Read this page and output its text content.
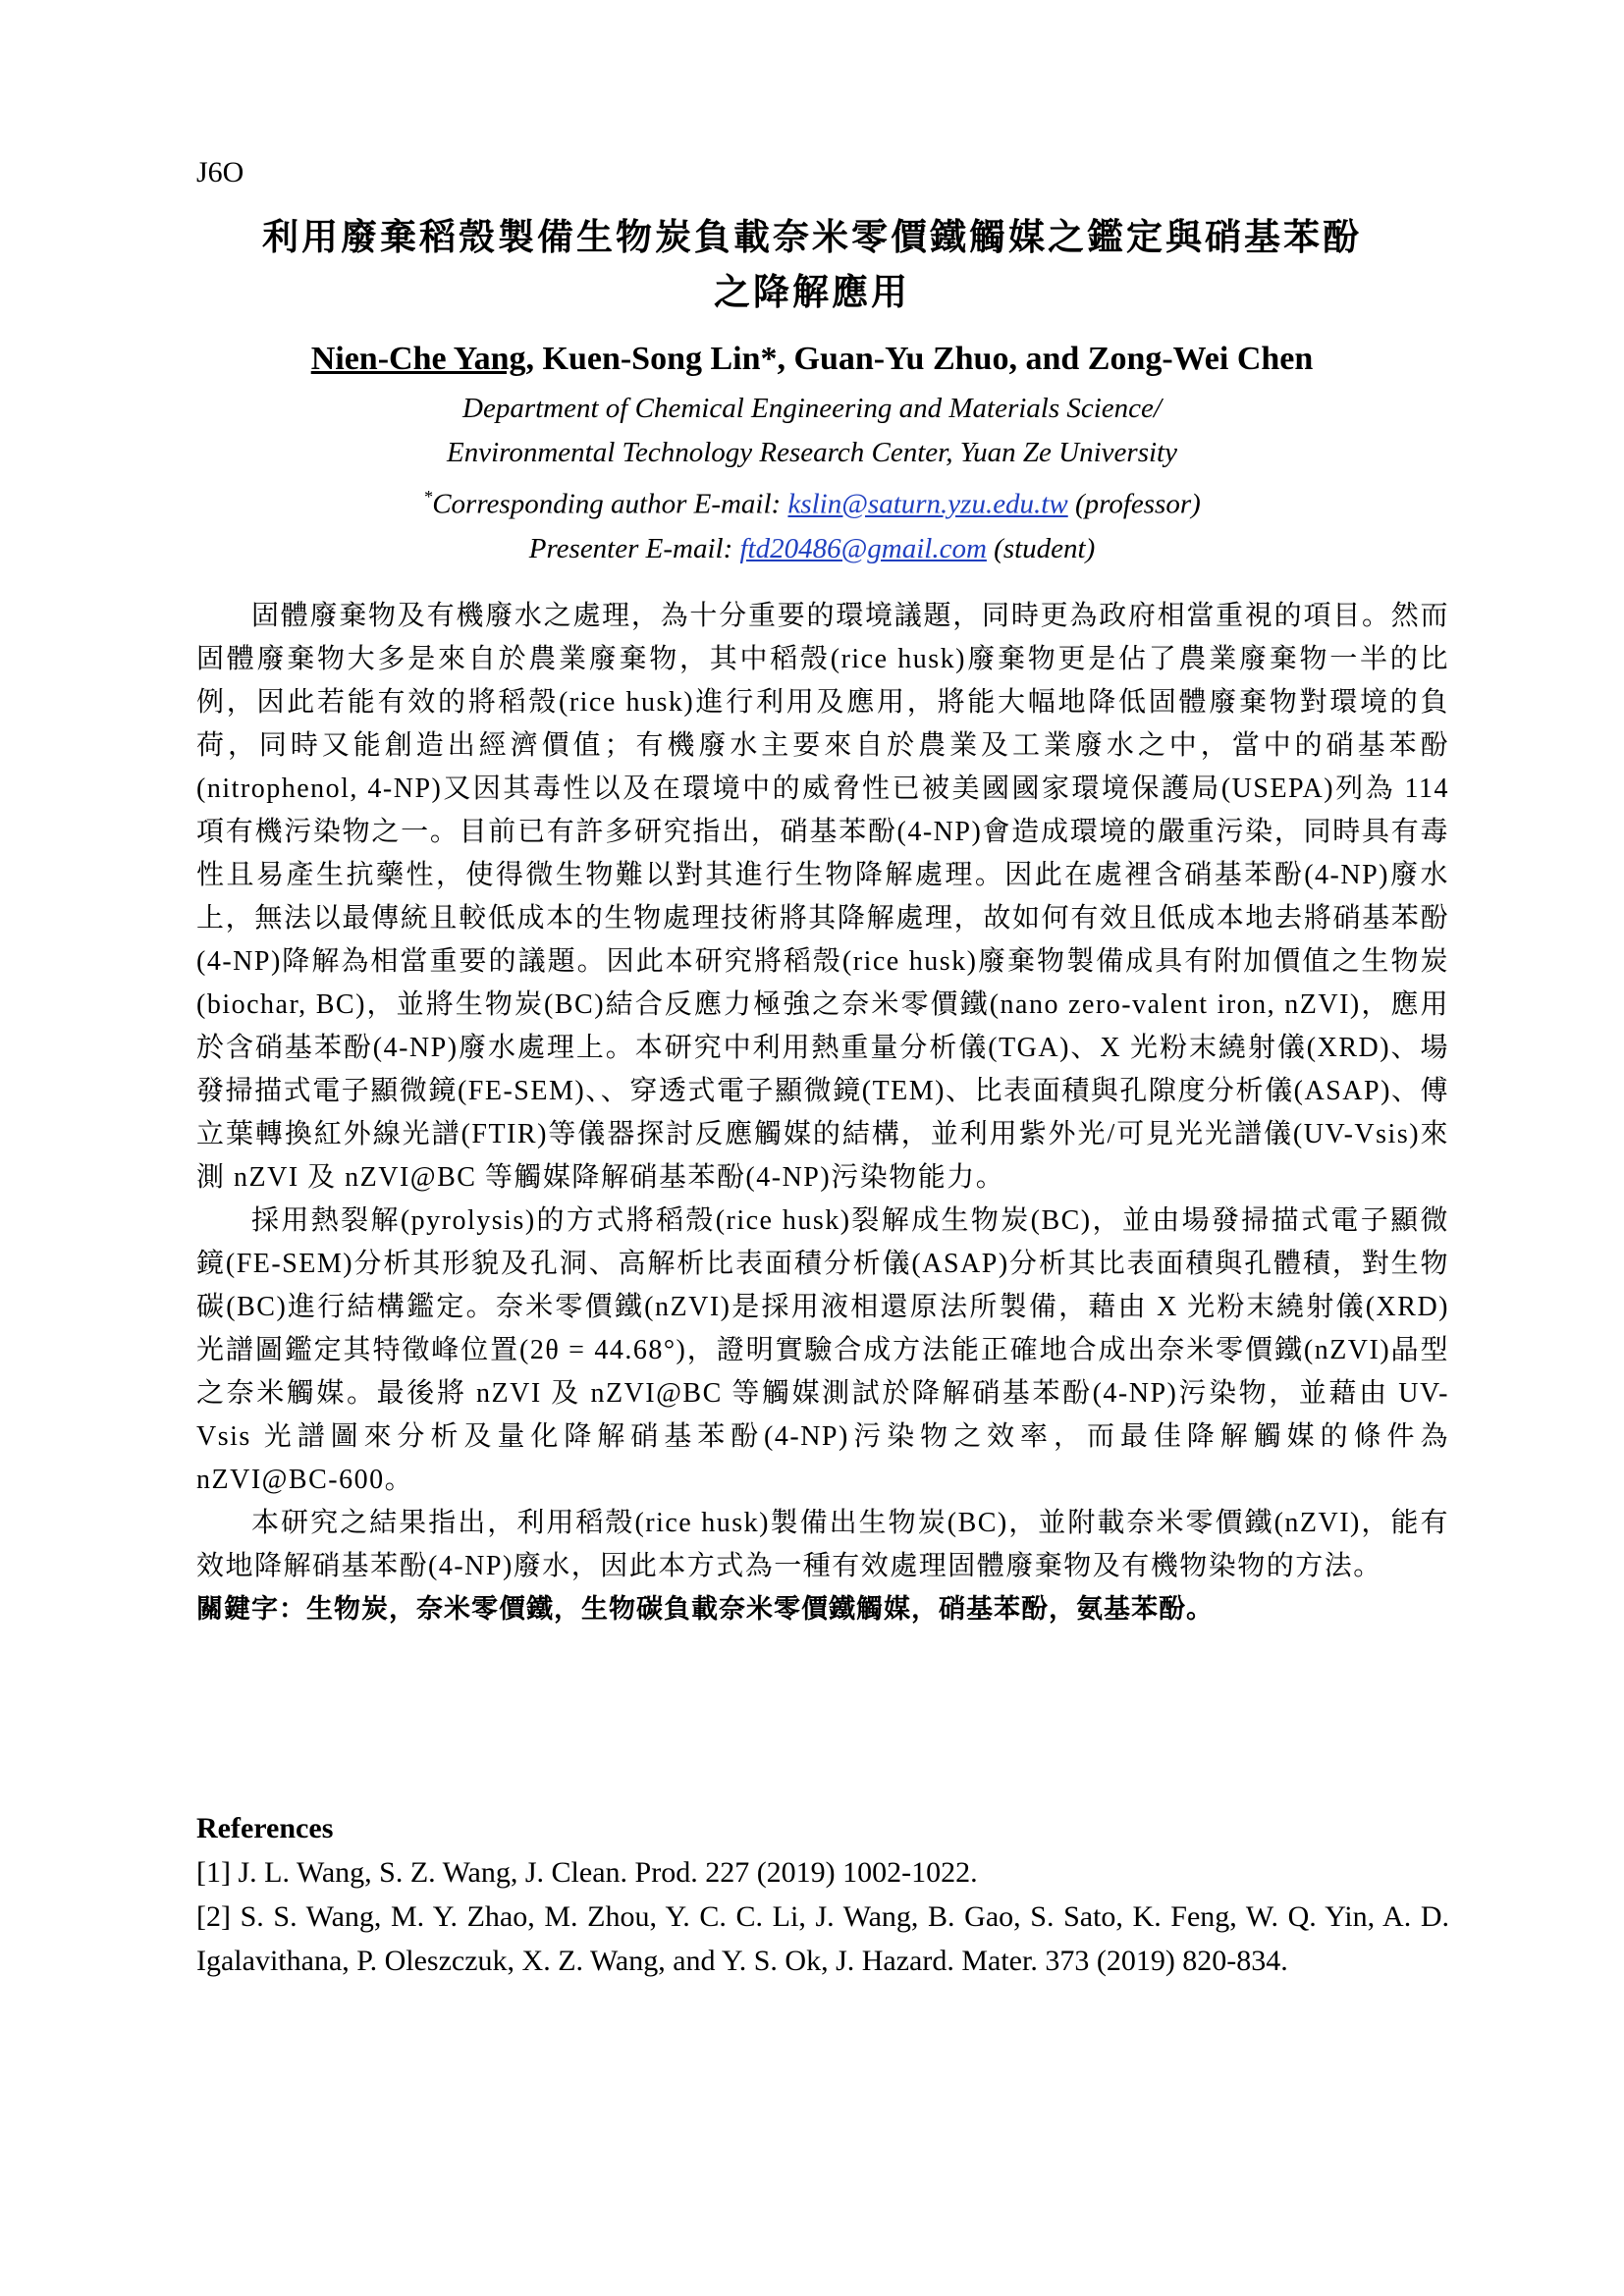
J6O
利用廢棄稻殼製備生物炭負載奈米零價鐵觸媒之鑑定與硝基苯酚
之降解應用
Nien-Che Yang, Kuen-Song Lin*, Guan-Yu Zhuo, and Zong-Wei Chen
Department of Chemical Engineering and Materials Science/
Environmental Technology Research Center, Yuan Ze University
*Corresponding author E-mail: kslin@saturn.yzu.edu.tw (professor)
Presenter E-mail: ftd20486@gmail.com (student)

固體廢棄物及有機廢水之處理，為十分重要的環境議題，同時更為政府相當重視的項目。然而固體廢棄物大多是來自於農業廢棄物，其中稻殼(rice husk)廢棄物更是佔了農業廢棄物一半的比例，因此若能有效的將稻殼(rice husk)進行利用及應用，將能大幅地降低固體廢棄物對環境的負荷，同時又能創造出經濟價值；有機廢水主要來自於農業及工業廢水之中，當中的硝基苯酚(nitrophenol, 4-NP)又因其毒性以及在環境中的威脅性已被美國國家環境保護局(USEPA)列為 114 項有機污染物之一。目前已有許多研究指出，硝基苯酚(4-NP)會造成環境的嚴重污染，同時具有毒性且易產生抗藥性，使得微生物難以對其進行生物降解處理。因此在處裡含硝基苯酚(4-NP)廢水上，無法以最傳統且較低成本的生物處理技術將其降解處理，故如何有效且低成本地去將硝基苯酚(4-NP)降解為相當重要的議題。因此本研究將稻殼(rice husk)廢棄物製備成具有附加價值之生物炭(biochar, BC)，並將生物炭(BC)結合反應力極強之奈米零價鐵(nano zero-valent iron, nZVI)，應用於含硝基苯酚(4-NP)廢水處理上。本研究中利用熱重量分析儀(TGA)、X 光粉末繞射儀(XRD)、場發掃描式電子顯微鏡(FE-SEM)、、穿透式電子顯微鏡(TEM)、比表面積與孔隙度分析儀(ASAP)、傅立葉轉換紅外線光譜(FTIR)等儀器探討反應觸媒的結構，並利用紫外光/可見光光譜儀(UV-Vsis)來測 nZVI 及 nZVI@BC 等觸媒降解硝基苯酚(4-NP)污染物能力。

採用熱裂解(pyrolysis)的方式將稻殼(rice husk)裂解成生物炭(BC)，並由場發掃描式電子顯微鏡(FE-SEM)分析其形貌及孔洞、高解析比表面積分析儀(ASAP)分析其比表面積與孔體積，對生物碳(BC)進行結構鑑定。奈米零價鐵(nZVI)是採用液相還原法所製備，藉由 X 光粉末繞射儀(XRD)光譜圖鑑定其特徵峰位置(2θ = 44.68°)，證明實驗合成方法能正確地合成出奈米零價鐵(nZVI)晶型之奈米觸媒。最後將 nZVI 及 nZVI@BC 等觸媒測試於降解硝基苯酚(4-NP)污染物，並藉由 UV-Vsis 光譜圖來分析及量化降解硝基苯酚(4-NP)污染物之效率，而最佳降解觸媒的條件為 nZVI@BC-600。

本研究之結果指出，利用稻殼(rice husk)製備出生物炭(BC)，並附載奈米零價鐵(nZVI)，能有效地降解硝基苯酚(4-NP)廢水，因此本方式為一種有效處理固體廢棄物及有機物染物的方法。

關鍵字：生物炭，奈米零價鐵，生物碳負載奈米零價鐵觸媒，硝基苯酚，氨基苯酚。

References
[1] J. L. Wang, S. Z. Wang, J. Clean. Prod. 227 (2019) 1002-1022.
[2] S. S. Wang, M. Y. Zhao, M. Zhou, Y. C. C. Li, J. Wang, B. Gao, S. Sato, K. Feng, W. Q. Yin, A. D. Igalavithana, P. Oleszczuk, X. Z. Wang, and Y. S. Ok, J. Hazard. Mater. 373 (2019) 820-834.
